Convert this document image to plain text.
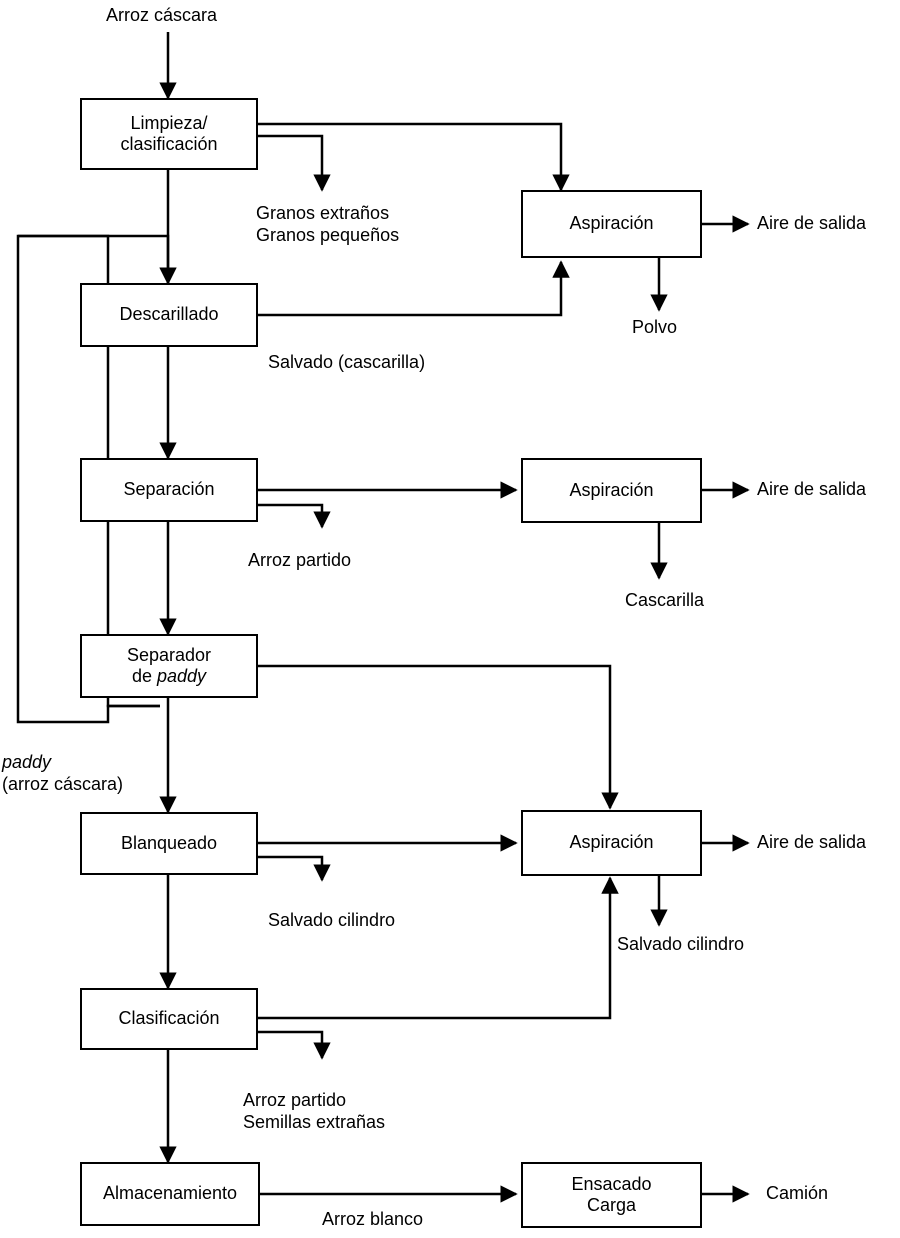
Limpieza/
clasificación
Aspiración
Descarillado
Separación	Aspiración
Separador
de paddy
Blanqueado	Aspiración
Clasificación
Almacenamiento	Ensacado
Carga
Arroz cáscara
Granos extraños
Granos pequeños
Aire de salida
Polvo
Salvado (cascarilla)
Arroz partido
Aire de salida
Cascarilla
paddy
(arroz cáscara)
Salvado cilindro
Aire de salida
Salvado cilindro
Arroz partido
Semillas extrañas
Arroz blanco
Camión
